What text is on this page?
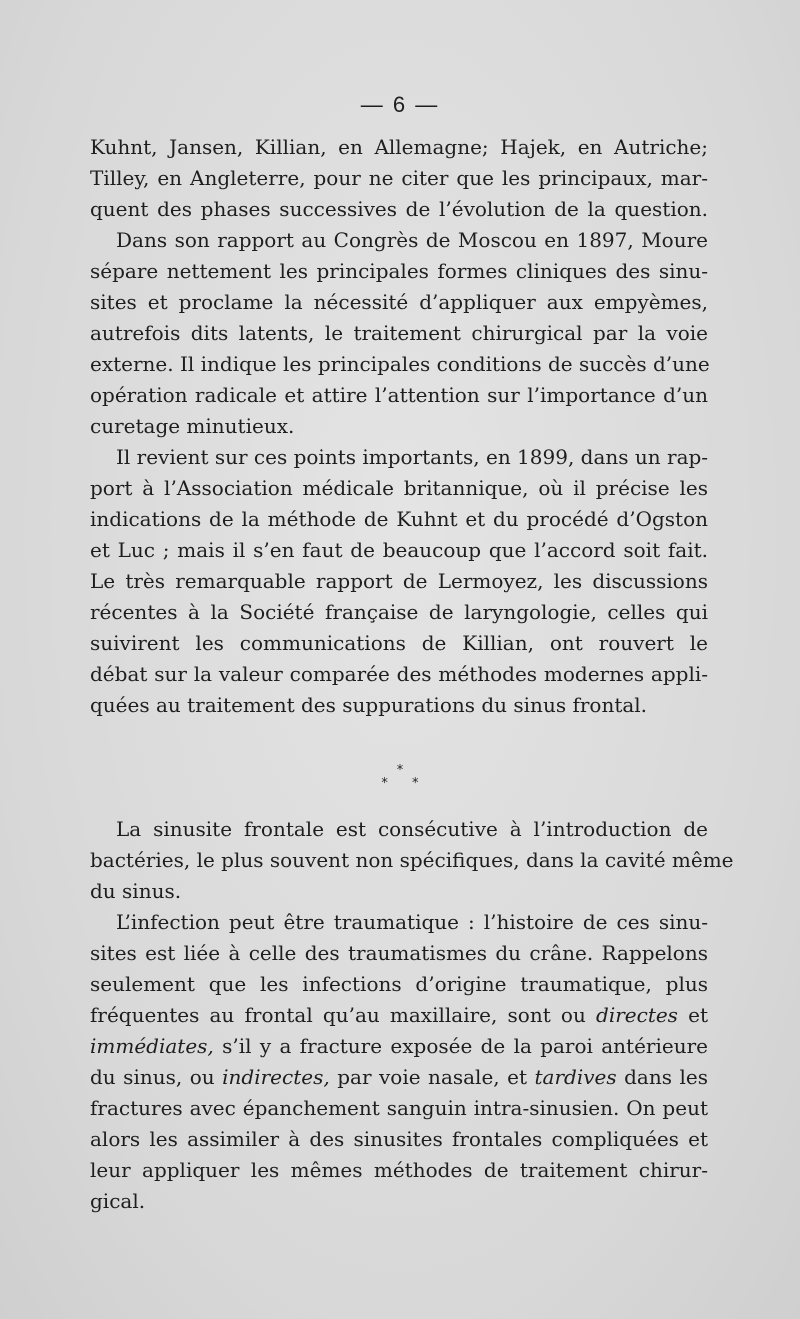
— 6 —
Kuhnt, Jansen, Killian, en Allemagne; Hajek, en Autriche;
Tilley, en Angleterre, pour ne citer que les principaux, mar-
quent des phases successives de l’évolution de la question.
Dans son rapport au Congrès de Moscou en 1897, Moure
sépare nettement les principales formes cliniques des sinu-
sites et proclame la nécessité d’appliquer aux empyèmes,
autrefois dits latents, le traitement chirurgical par la voie
externe. Il indique les principales conditions de succès d’une
opération radicale et attire l’attention sur l’importance d’un
curetage minutieux.
Il revient sur ces points importants, en 1899, dans un rap-
port à l’Association médicale britannique, où il précise les
indications de la méthode de Kuhnt et du procédé d’Ogston
et Luc ; mais il s’en faut de beaucoup que l’accord soit fait.
Le très remarquable rapport de Lermoyez, les discussions
récentes à la Société française de laryngologie, celles qui
suivirent les communications de Killian, ont rouvert le
débat sur la valeur comparée des méthodes modernes appli-
quées au traitement des suppurations du sinus frontal.
*
* *
La sinusite frontale est consécutive à l’introduction de
bactéries, le plus souvent non spécifiques, dans la cavité même
du sinus.
L’infection peut être traumatique : l’histoire de ces sinu-
sites est liée à celle des traumatismes du crâne. Rappelons
seulement que les infections d’origine traumatique, plus
fréquentes au frontal qu’au maxillaire, sont ou directes et
immédiates, s’il y a fracture exposée de la paroi antérieure
du sinus, ou indirectes, par voie nasale, et tardives dans les
fractures avec épanchement sanguin intra-sinusien. On peut
alors les assimiler à des sinusites frontales compliquées et
leur appliquer les mêmes méthodes de traitement chirur-
gical.
